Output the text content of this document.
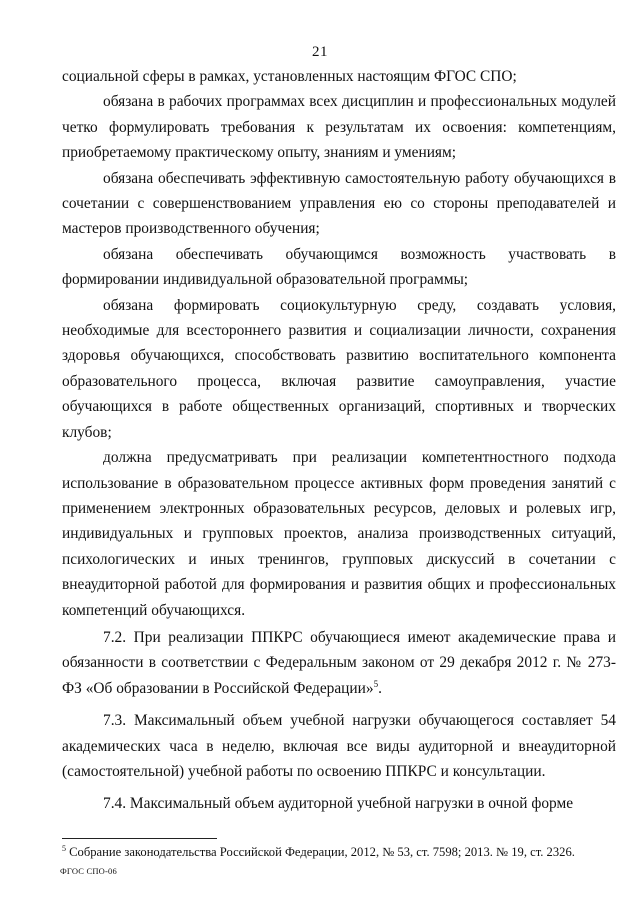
21

социальной сферы в рамках, установленных настоящим ФГОС СПО;

обязана в рабочих программах всех дисциплин и профессиональных модулей четко формулировать требования к результатам их освоения: компетенциям, приобретаемому практическому опыту, знаниям и умениям;

обязана обеспечивать эффективную самостоятельную работу обучающихся в сочетании с совершенствованием управления ею со стороны преподавателей и мастеров производственного обучения;

обязана обеспечивать обучающимся возможность участвовать в формировании индивидуальной образовательной программы;

обязана формировать социокультурную среду, создавать условия, необходимые для всестороннего развития и социализации личности, сохранения здоровья обучающихся, способствовать развитию воспитательного компонента образовательного процесса, включая развитие самоуправления, участие обучающихся в работе общественных организаций, спортивных и творческих клубов;

должна предусматривать при реализации компетентностного подхода использование в образовательном процессе активных форм проведения занятий с применением электронных образовательных ресурсов, деловых и ролевых игр, индивидуальных и групповых проектов, анализа производственных ситуаций, психологических и иных тренингов, групповых дискуссий в сочетании с внеаудиторной работой для формирования и развития общих и профессиональных компетенций обучающихся.

7.2. При реализации ППКРС обучающиеся имеют академические права и обязанности в соответствии с Федеральным законом от 29 декабря 2012 г. № 273-ФЗ «Об образовании в Российской Федерации»$^5$.

7.3. Максимальный объем учебной нагрузки обучающегося составляет 54 академических часа в неделю, включая все виды аудиторной и внеаудиторной (самостоятельной) учебной работы по освоению ППКРС и консультации.

7.4. Максимальный объем аудиторной учебной нагрузки в очной форме

$^5$ Собрание законодательства Российской Федерации, 2012, № 53, ст. 7598; 2013. № 19, ст. 2326.
ФГОС СПО-06
